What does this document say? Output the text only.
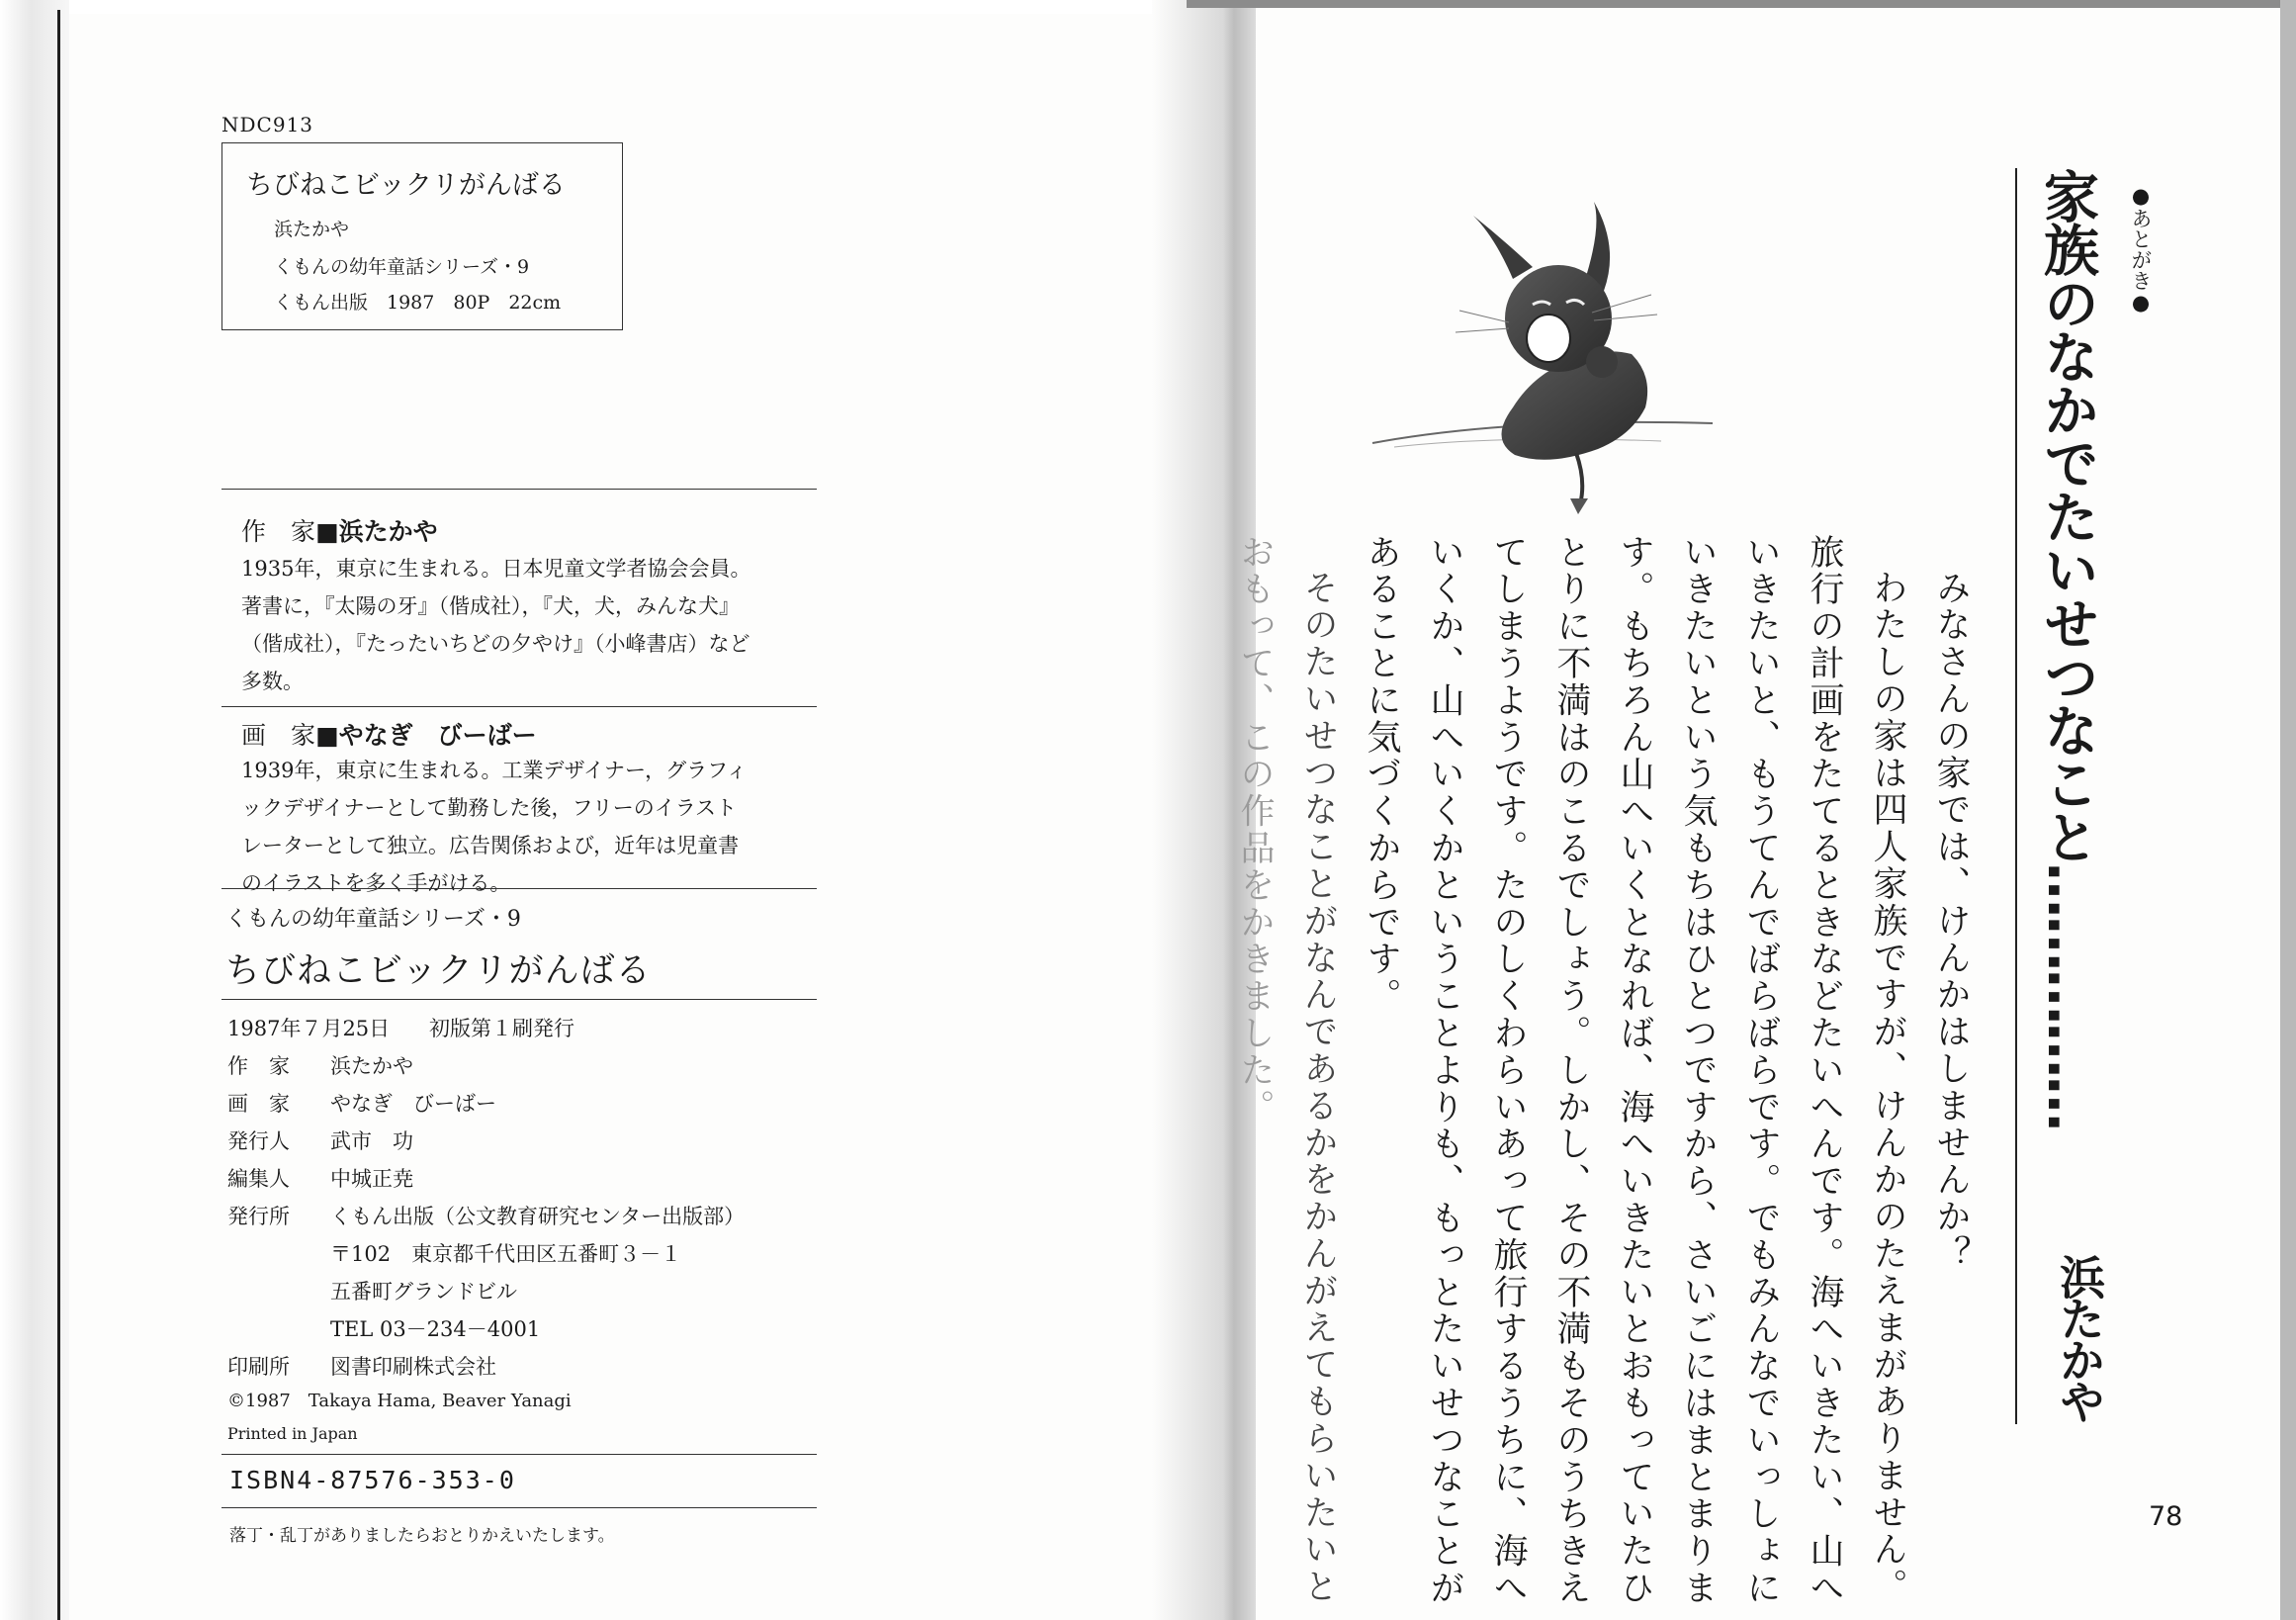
NDC913
ちびねこビックリがんばる
浜たかや
くもんの幼年童話シリーズ・9
くもん出版　1987　80P　22cm
作　家■浜たかや
1935年，東京に生まれる。日本児童文学者協会会員。
著書に，『太陽の牙』（偕成社），『犬，犬，みんな犬』
（偕成社），『たったいちどの夕やけ』（小峰書店）など
多数。
画　家■やなぎ　びーばー
1939年，東京に生まれる。工業デザイナー，グラフィ
ックデザイナーとして勤務した後，フリーのイラスト
レーターとして独立。広告関係および，近年は児童書
のイラストを多く手がける。
くもんの幼年童話シリーズ・9
ちびねこビックリがんばる
1987年７月25日 初版第１刷発行
作　家 浜たかや
画　家 やなぎ　びーばー
発行人 武市　功
編集人 中城正尭
発行所 くもん出版（公文教育研究センター出版部）
〒102　東京都千代田区五番町３－１
五番町グランドビル
TEL 03－234－4001
印刷所 図書印刷株式会社
©1987　Takaya Hama, Beaver Yanagi
Printed in Japan
ISBN4-87576-353-0
落丁・乱丁がありましたらおとりかえいたします。
●あとがき●
家族のなかでたいせつなこと……………
浜たかや
みなさんの家では、けんかはしませんか？
わたしの家は四人家族ですが、けんかのたえまがありません。
旅行の計画をたてるときなどたいへんです。海へいきたい、山へ
いきたいと、もうてんでばらばらです。でもみんなでいっしょに
いきたいという気もちはひとつですから、さいごにはまとまりま
す。もちろん山へいくとなれば、海へいきたいとおもっていたひ
とりに不満はのこるでしょう。しかし、その不満もそのうちきえ
てしまうようです。たのしくわらいあって旅行するうちに、海へ
いくか、山へいくかということよりも、もっとたいせつなことが
あることに気づくからです。
そのたいせつなことがなんであるかをかんがえてもらいたいと
おもって、この作品をかきました。
78
